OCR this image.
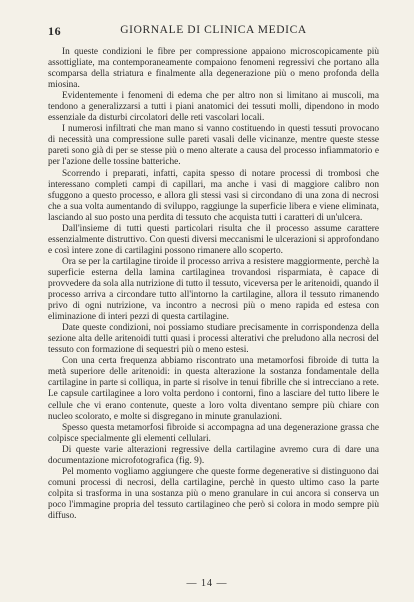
16	GIORNALE DI CLINICA MEDICA

In queste condizioni le fibre per compressione appaiono microscopicamente più assottigliate, ma contemporaneamente compaiono fenomeni regressivi che portano alla scomparsa della striatura e finalmente alla degenerazione più o meno profonda della miosina.

Evidentemente i fenomeni di edema che per altro non si limitano ai muscoli, ma tendono a generalizzarsi a tutti i piani anatomici dei tessuti molli, dipendono in modo essenziale da disturbi circolatori delle reti vascolari locali.

I numerosi infiltrati che man mano si vanno costituendo in questi tessuti provocano di necessità una compressione sulle pareti vasali delle vicinanze, mentre queste stesse pareti sono già di per se stesse più o meno alterate a causa del processo infiammatorio e per l'azione delle tossine batteriche.

Scorrendo i preparati, infatti, capita spesso di notare processi di trombosi che interessano completi campi di capillari, ma anche i vasi di maggiore calibro non sfuggono a questo processo, e allora gli stessi vasi si circondano di una zona di necrosi che a sua volta aumentando di sviluppo, raggiunge la superficie libera e viene eliminata, lasciando al suo posto una perdita di tessuto che acquista tutti i caratteri di un'ulcera.

Dall'insieme di tutti questi particolari risulta che il processo assume carattere essenzialmente distruttivo. Con questi diversi meccanismi le ulcerazioni si approfondano e così intere zone di cartilagini possono rimanere allo scoperto.

Ora se per la cartilagine tiroide il processo arriva a resistere maggiormente, perchè la superficie esterna della lamina cartilaginea trovandosi risparmiata, è capace di provvedere da sola alla nutrizione di tutto il tessuto, viceversa per le aritenoidi, quando il processo arriva a circondare tutto all'intorno la cartilagine, allora il tessuto rimanendo privo di ogni nutrizione, va incontro a necrosi più o meno rapida ed estesa con eliminazione di interi pezzi di questa cartilagine.

Date queste condizioni, noi possiamo studiare precisamente in corrispondenza della sezione alta delle aritenoidi tutti quasi i processi alterativi che preludono alla necrosi del tessuto con formazione di sequestri più o meno estesi.

Con una certa frequenza abbiamo riscontrato una metamorfosi fibroide di tutta la metà superiore delle aritenoidi: in questa alterazione la sostanza fondamentale della cartilagine in parte si colliqua, in parte si risolve in tenui fibrille che si intrecciano a rete. Le capsule cartilaginee a loro volta perdono i contorni, fino a lasciare del tutto libere le cellule che vi erano contenute, queste a loro volta diventano sempre più chiare con nucleo scolorato, e molte si disgregano in minute granulazioni.

Spesso questa metamorfosi fibroide si accompagna ad una degenerazione grassa che colpisce specialmente gli elementi cellulari.

Di queste varie alterazioni regressive della cartilagine avremo cura di dare una documentazione microfotografica (fig. 9).

Pel momento vogliamo aggiungere che queste forme degenerative si distinguono dai comuni processi di necrosi, della cartilagine, perchè in questo ultimo caso la parte colpita si trasforma in una sostanza più o meno granulare in cui ancora si conserva un poco l'immagine propria del tessuto cartilagineo che però si colora in modo sempre più diffuso.

— 14 —
